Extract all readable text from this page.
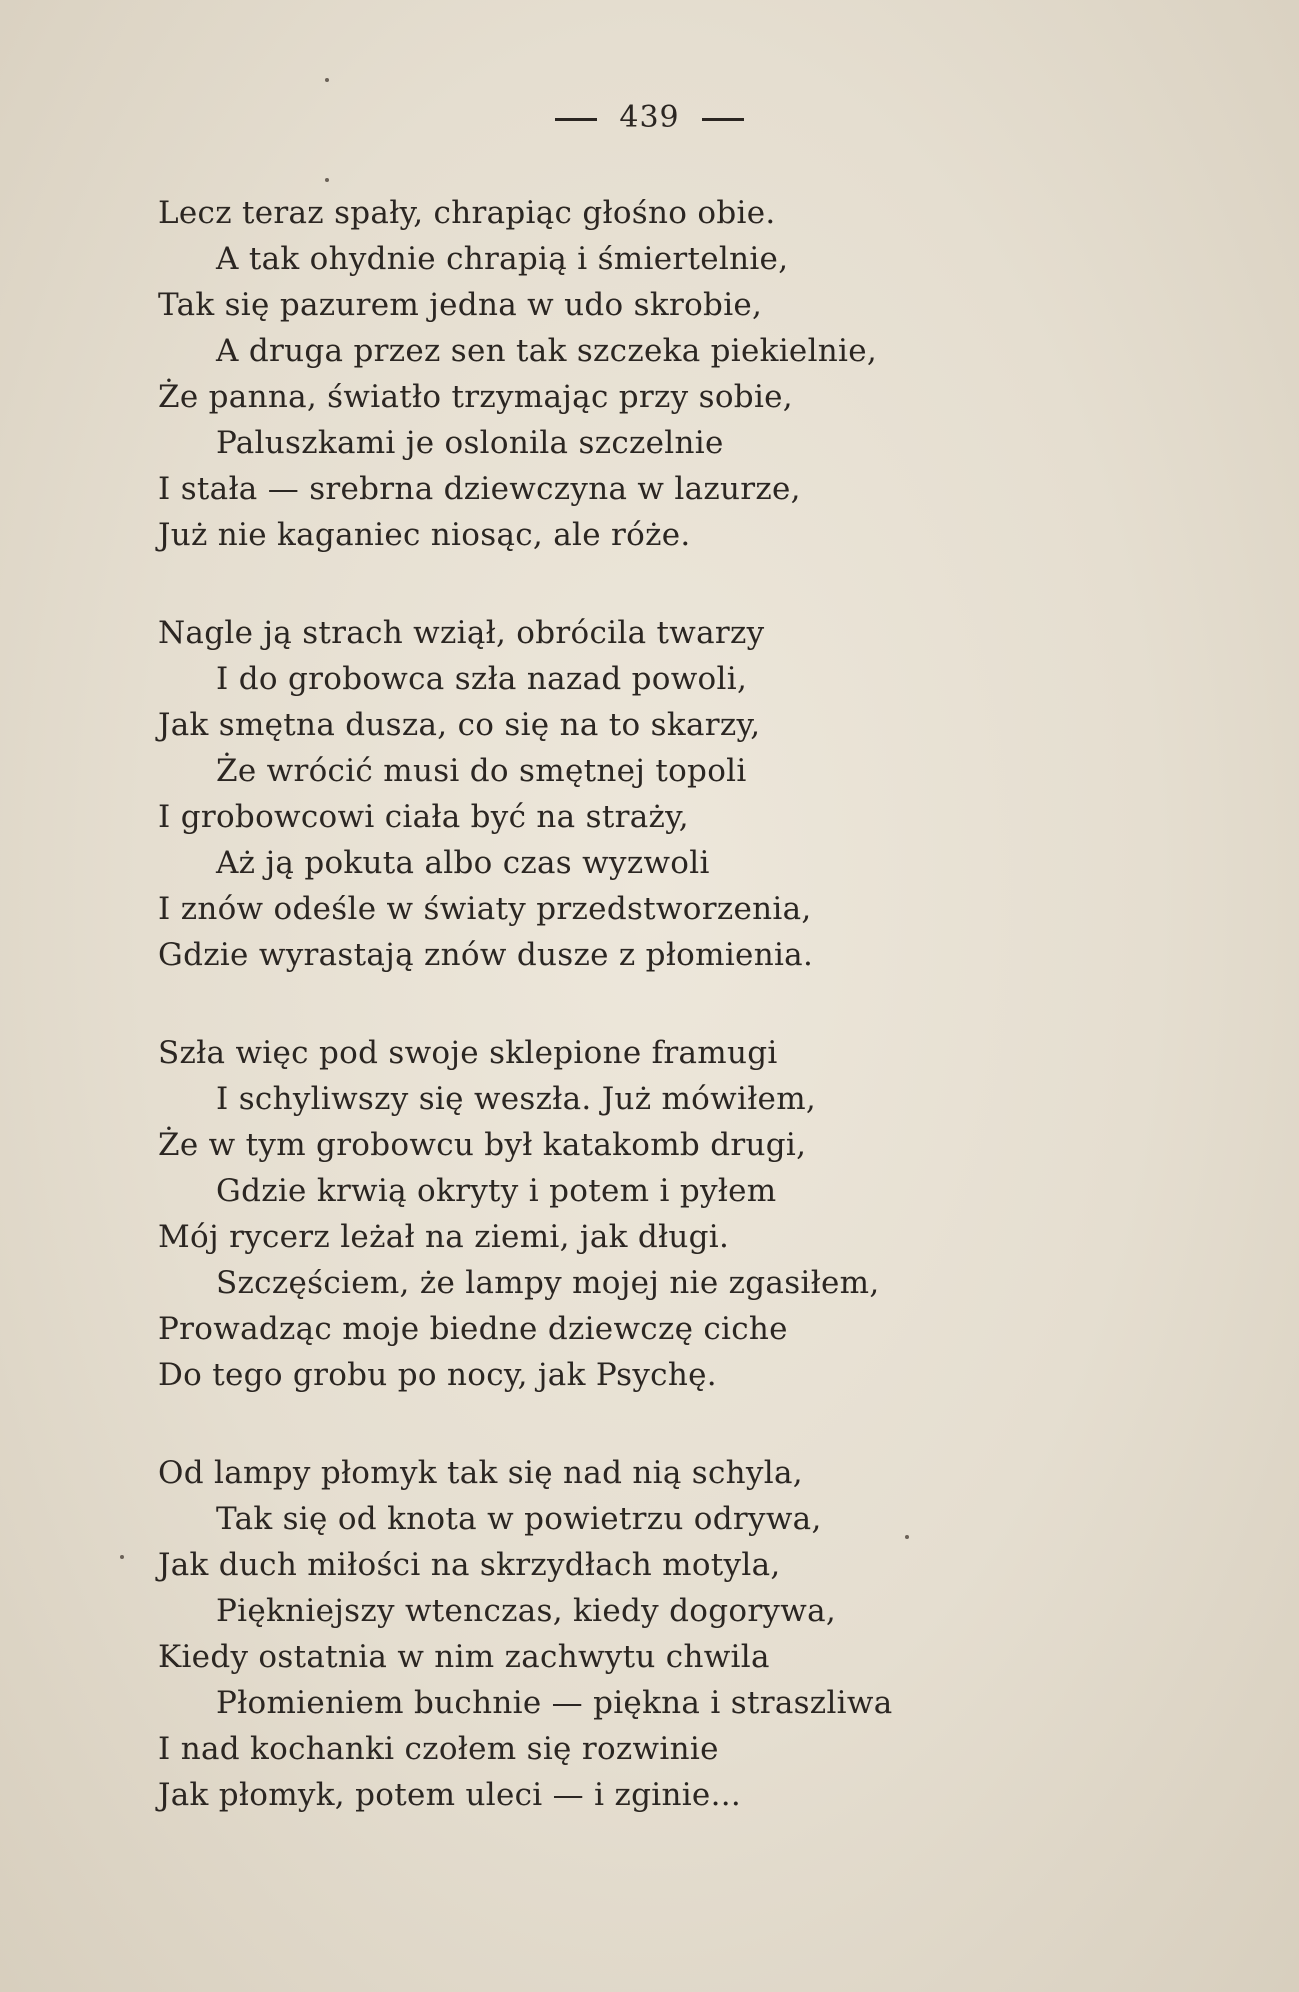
439
Lecz teraz spały, chrapiąc głośno obie.
A tak ohydnie chrapią i śmiertelnie,
Tak się pazurem jedna w udo skrobie,
A druga przez sen tak szczeka piekielnie,
Że panna, światło trzymając przy sobie,
Paluszkami je oslonila szczelnie
I stała — srebrna dziewczyna w lazurze,
Już nie kaganiec niosąc, ale róże.
Nagle ją strach wziął, obrócila twarzy
I do grobowca szła nazad powoli,
Jak smętna dusza, co się na to skarzy,
Że wrócić musi do smętnej topoli
I grobowcowi ciała być na straży,
Aż ją pokuta albo czas wyzwoli
I znów odeśle w światy przedstworzenia,
Gdzie wyrastają znów dusze z płomienia.
Szła więc pod swoje sklepione framugi
I schyliwszy się weszła. Już mówiłem,
Że w tym grobowcu był katakomb drugi,
Gdzie krwią okryty i potem i pyłem
Mój rycerz leżał na ziemi, jak długi.
Szczęściem, że lampy mojej nie zgasiłem,
Prowadząc moje biedne dziewczę ciche
Do tego grobu po nocy, jak Psychę.
Od lampy płomyk tak się nad nią schyla,
Tak się od knota w powietrzu odrywa,
Jak duch miłości na skrzydłach motyla,
Piękniejszy wtenczas, kiedy dogorywa,
Kiedy ostatnia w nim zachwytu chwila
Płomieniem buchnie — piękna i straszliwa
I nad kochanki czołem się rozwinie
Jak płomyk, potem uleci — i zginie...
